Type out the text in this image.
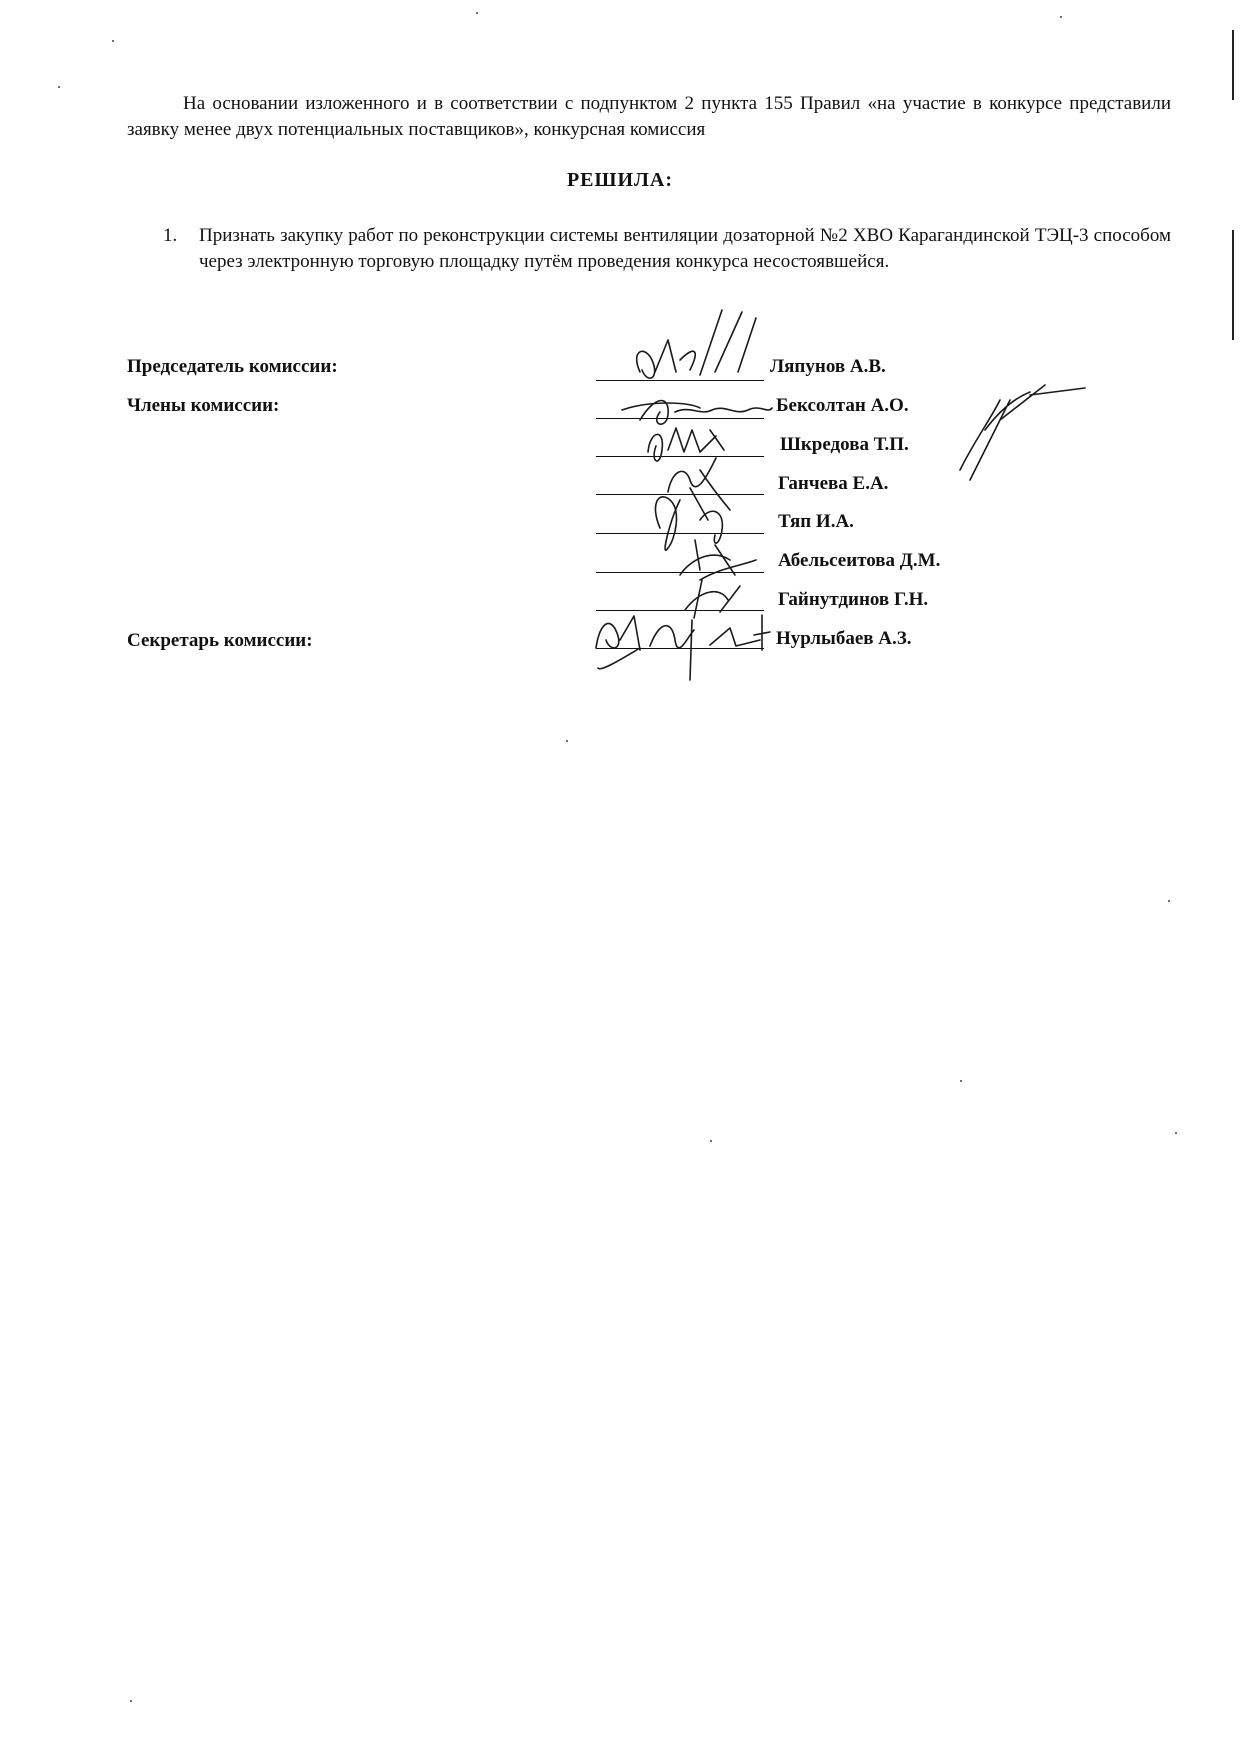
На основании изложенного и в соответствии с подпунктом 2 пункта 155 Правил «на участие в конкурсе представили заявку менее двух потенциальных поставщиков», конкурсная комиссия

РЕШИЛА:
1. Признать закупку работ по реконструкции системы вентиляции дозаторной №2 ХВО Карагандинской ТЭЦ-3 способом через электронную торговую площадку путём проведения конкурса несостоявшейся.

Председатель комиссии:
Члены комиссии:
Секретарь комиссии:
Ляпунов А.В.
Бексолтан А.О.
Шкредова Т.П.
Ганчева Е.А.
Тяп И.А.
Абельсеитова Д.М.
Гайнутдинов Г.Н.
Нурлыбаев А.З.
